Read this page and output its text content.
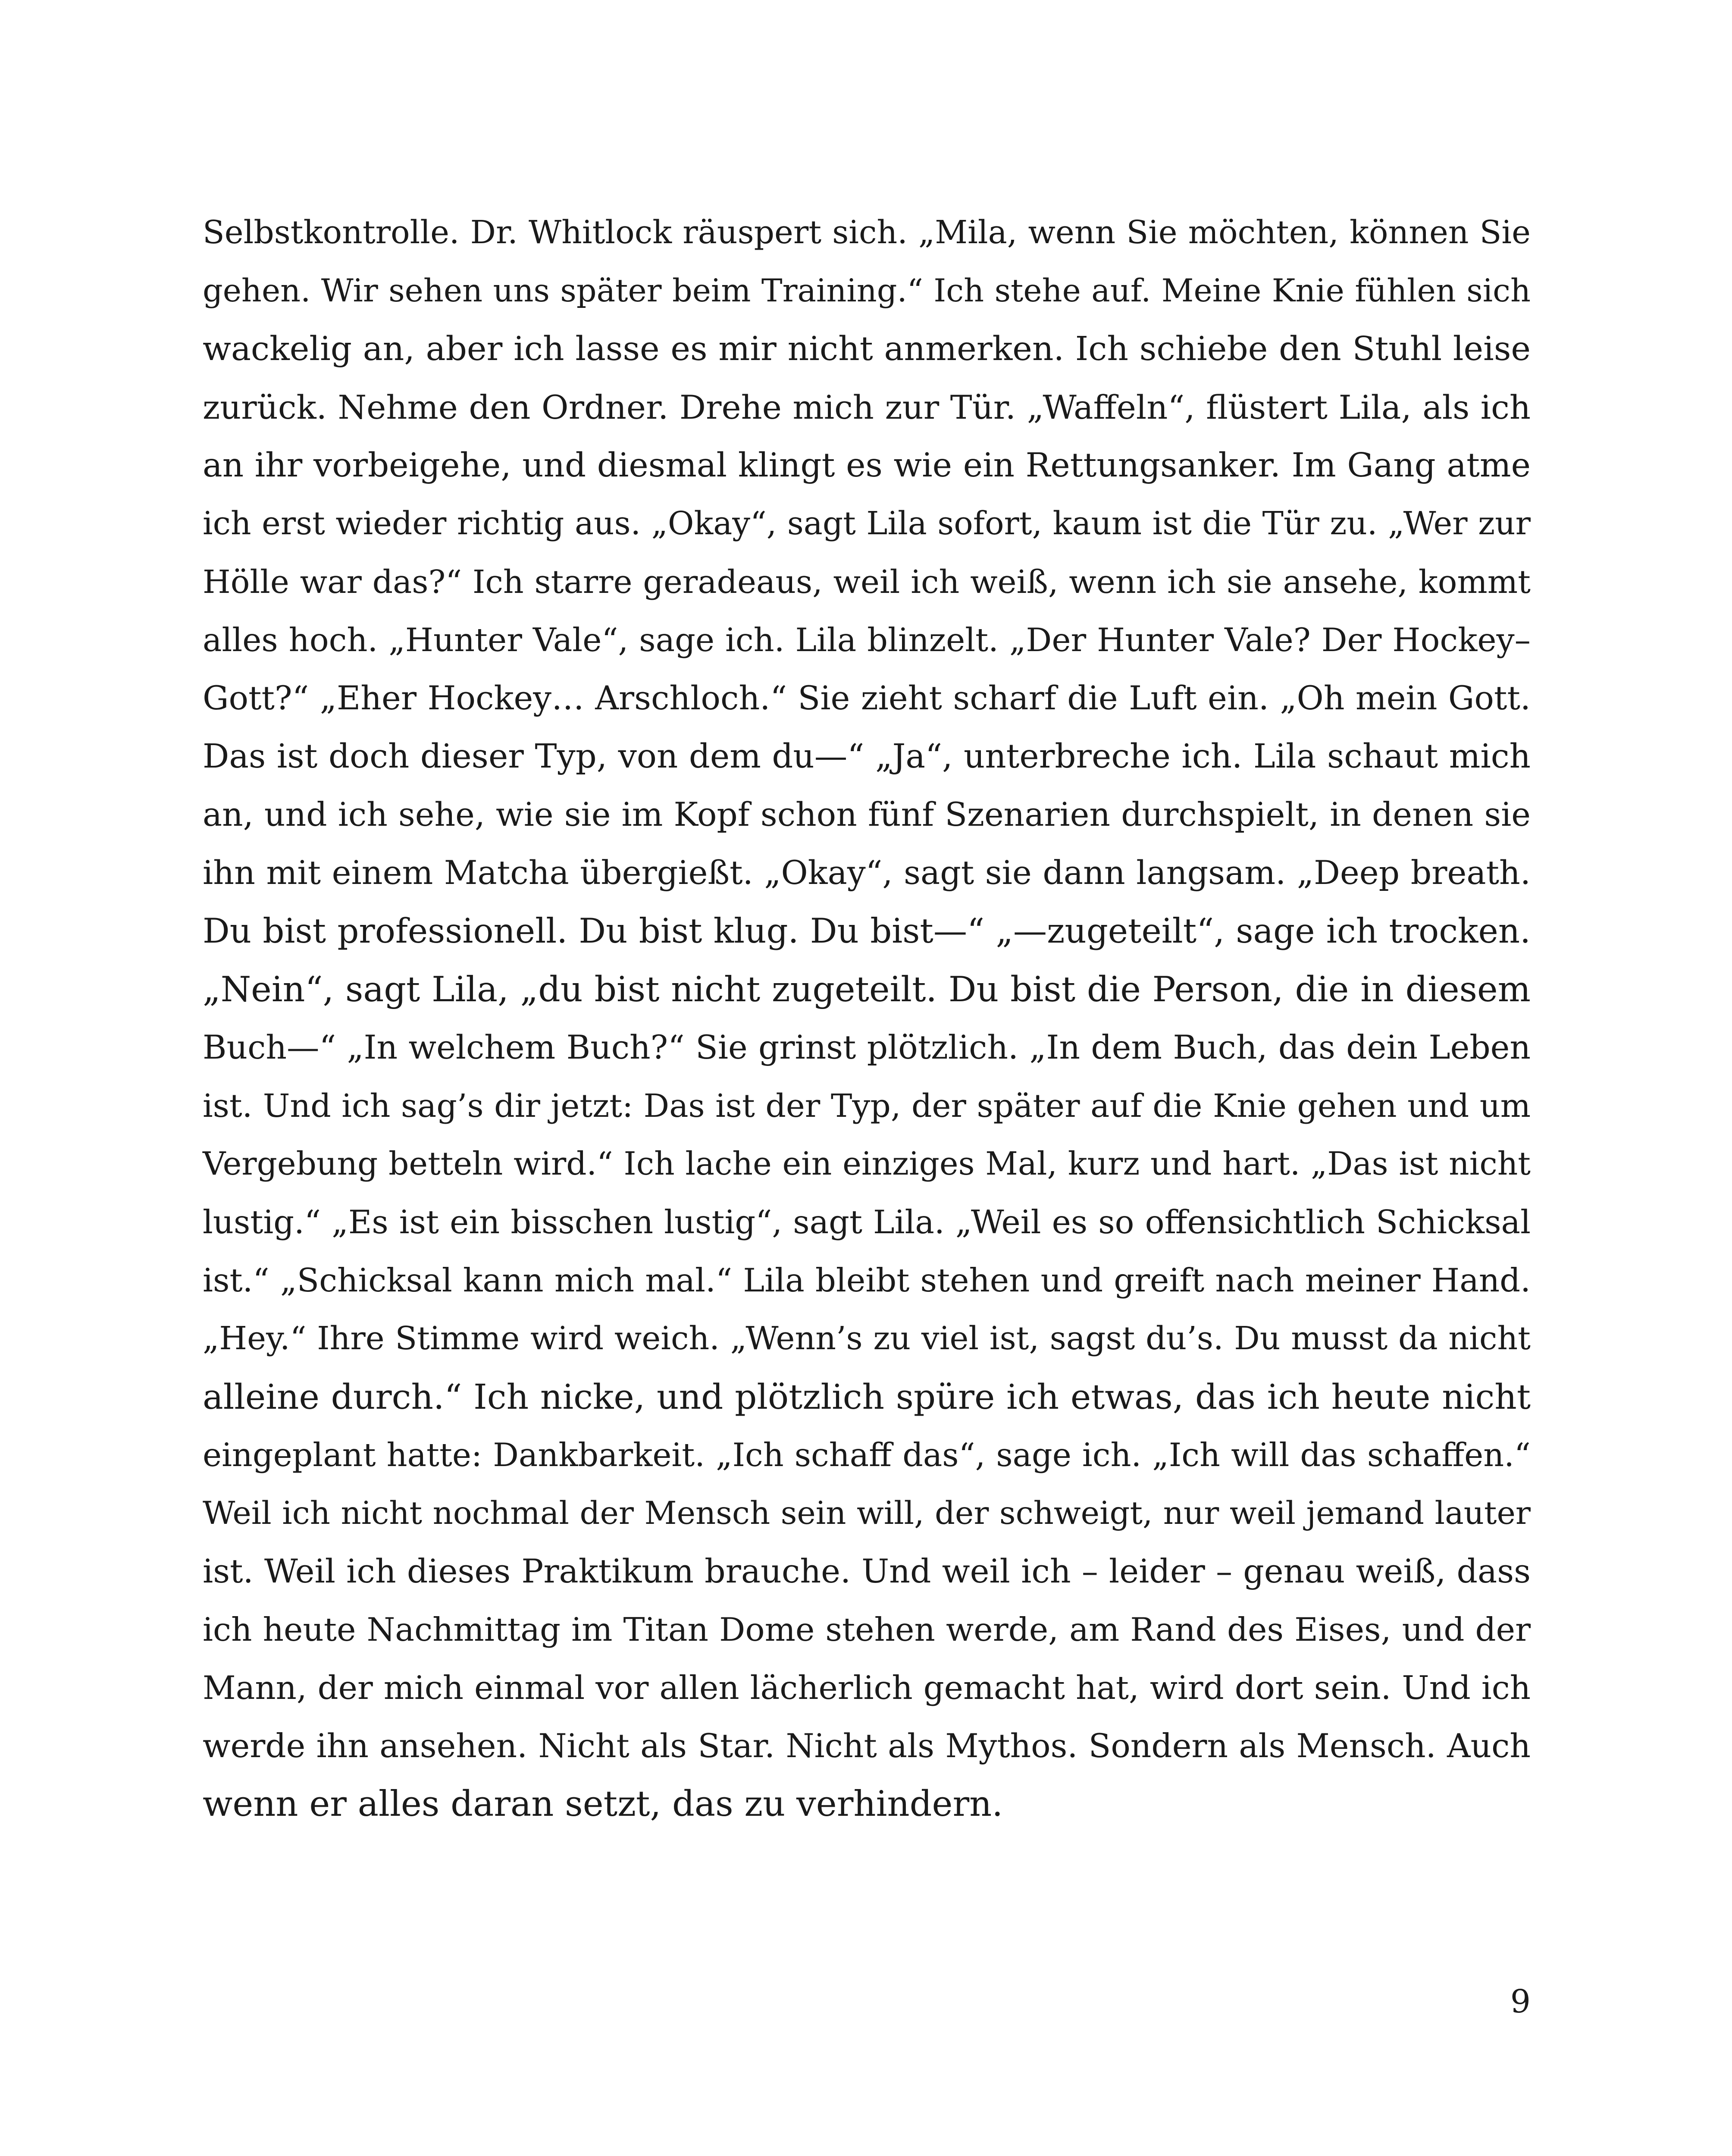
Selbstkontrolle. Dr. Whitlock räuspert sich. „Mila, wenn Sie möchten, können Sie
gehen. Wir sehen uns später beim Training.“ Ich stehe auf. Meine Knie fühlen sich
wackelig an, aber ich lasse es mir nicht anmerken. Ich schiebe den Stuhl leise
zurück. Nehme den Ordner. Drehe mich zur Tür. „Waffeln“, flüstert Lila, als ich
an ihr vorbeigehe, und diesmal klingt es wie ein Rettungsanker. Im Gang atme
ich erst wieder richtig aus. „Okay“, sagt Lila sofort, kaum ist die Tür zu. „Wer zur
Hölle war das?“ Ich starre geradeaus, weil ich weiß, wenn ich sie ansehe, kommt
alles hoch. „Hunter Vale“, sage ich. Lila blinzelt. „Der Hunter Vale? Der Hockey–
Gott?“ „Eher Hockey… Arschloch.“ Sie zieht scharf die Luft ein. „Oh mein Gott.
Das ist doch dieser Typ, von dem du—“ „Ja“, unterbreche ich. Lila schaut mich
an, und ich sehe, wie sie im Kopf schon fünf Szenarien durchspielt, in denen sie
ihn mit einem Matcha übergießt. „Okay“, sagt sie dann langsam. „Deep breath.
Du bist professionell. Du bist klug. Du bist—“ „—zugeteilt“, sage ich trocken.
„Nein“, sagt Lila, „du bist nicht zugeteilt. Du bist die Person, die in diesem
Buch—“ „In welchem Buch?“ Sie grinst plötzlich. „In dem Buch, das dein Leben
ist. Und ich sag’s dir jetzt: Das ist der Typ, der später auf die Knie gehen und um
Vergebung betteln wird.“ Ich lache ein einziges Mal, kurz und hart. „Das ist nicht
lustig.“ „Es ist ein bisschen lustig“, sagt Lila. „Weil es so offensichtlich Schicksal
ist.“ „Schicksal kann mich mal.“ Lila bleibt stehen und greift nach meiner Hand.
„Hey.“ Ihre Stimme wird weich. „Wenn’s zu viel ist, sagst du’s. Du musst da nicht
alleine durch.“ Ich nicke, und plötzlich spüre ich etwas, das ich heute nicht
eingeplant hatte: Dankbarkeit. „Ich schaff das“, sage ich. „Ich will das schaffen.“
Weil ich nicht nochmal der Mensch sein will, der schweigt, nur weil jemand lauter
ist. Weil ich dieses Praktikum brauche. Und weil ich – leider – genau weiß, dass
ich heute Nachmittag im Titan Dome stehen werde, am Rand des Eises, und der
Mann, der mich einmal vor allen lächerlich gemacht hat, wird dort sein. Und ich
werde ihn ansehen. Nicht als Star. Nicht als Mythos. Sondern als Mensch. Auch
wenn er alles daran setzt, das zu verhindern.
9
